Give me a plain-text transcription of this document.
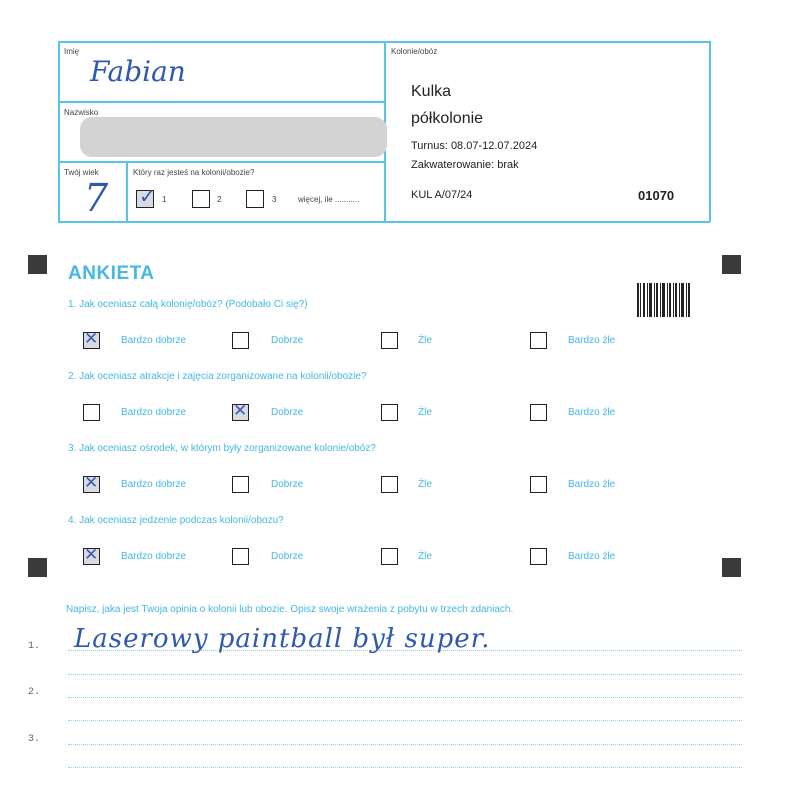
Imię
Fabian
Nazwisko
Twój wiek
7
Który raz jesteś na kolonii/obozie?
✓ 1	2	3	więcej, ile ...........
Kolonie/obóz
Kulka
półkolonie
Turnus: 08.07-12.07.2024
Zakwaterowanie: brak
KUL A/07/24	01070
ANKIETA
1. Jak oceniasz całą kolonię/obóz? (Podobało Ci się?)
✕
Bardzo dobrze	Dobrze	Źle	Bardzo źle
2. Jak oceniasz atrakcje i zajęcia zorganizowane na kolonii/obozie?
Bardzo dobrze
✕	Dobrze	Źle	Bardzo źle
3. Jak oceniasz ośrodek, w którym były zorganizowane kolonie/obóz?
✕
Bardzo dobrze	Dobrze	Źle	Bardzo źle
4. Jak oceniasz jedzenie podczas kolonii/obozu?
✕
Bardzo dobrze	Dobrze	Źle	Bardzo źle
Napisz, jaka jest Twoja opinia o kolonii lub obozie. Opisz swoje wrażenia z pobytu w trzech zdaniach.
1.
2.
3.
Laserowy paintball był super.
